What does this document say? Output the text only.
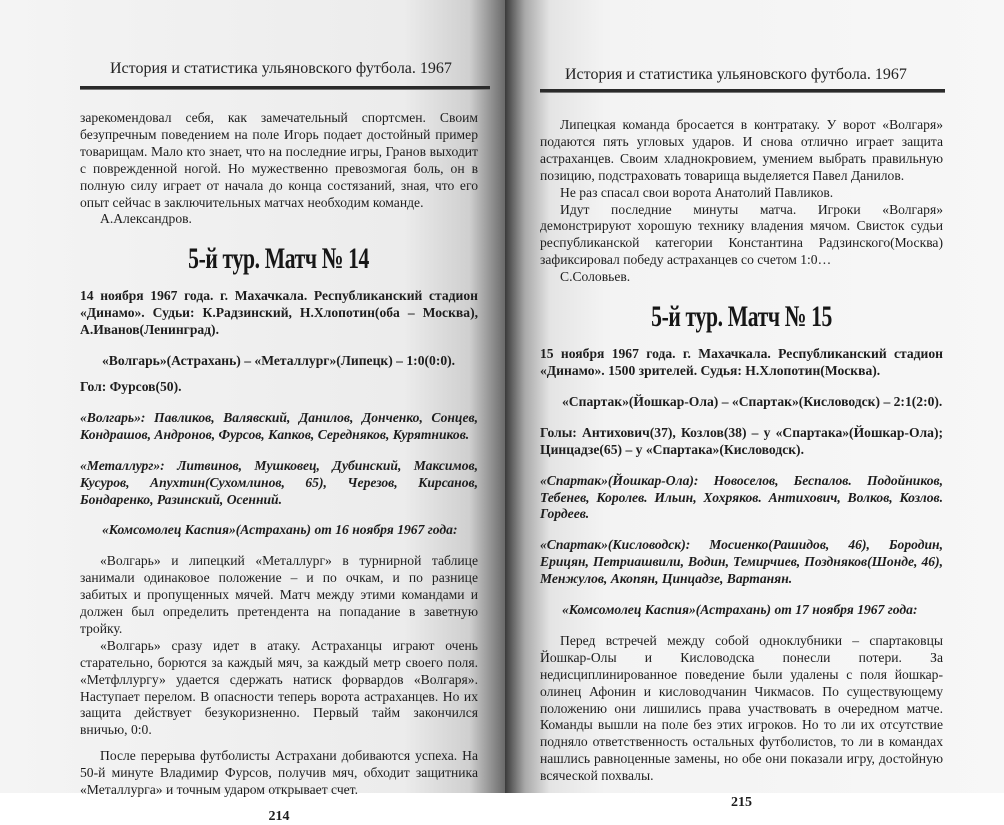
История и статистика ульяновского футбола. 1967

зарекомендовал себя, как замечательный спортсмен. Своим безупречным поведением на поле Игорь подает достойный пример товарищам. Мало кто знает, что на последние игры, Гранов выходит с поврежденной ногой. Но мужественно превозмогая боль, он в полную силу играет от начала до конца состязаний, зная, что его опыт сейчас в заключительных матчах необходим команде.

А.Александров.

5-й тур. Матч № 14

14 ноября 1967 года. г. Махачкала. Республиканский стадион «Динамо». Судьи: К.Радзинский, Н.Хлопотин(оба – Москва), А.Иванов(Ленинград).

«Волгарь»(Астрахань) – «Металлург»(Липецк) – 1:0(0:0).

Гол: Фурсов(50).

«Волгарь»: Павликов, Валявский, Данилов, Донченко, Сонцев, Кондрашов, Андронов, Фурсов, Капков, Середняков, Курятников.

«Металлург»: Литвинов, Мушковец, Дубинский, Максимов, Кусуров, Апухтин(Сухомлинов, 65), Черезов, Кирсанов, Бондаренко, Разинский, Осенний.

«Комсомолец Каспия»(Астрахань) от 16 ноября 1967 года:

«Волгарь» и липецкий «Металлург» в турнирной таблице занимали одинаковое положение – и по очкам, и по разнице забитых и пропущенных мячей. Матч между этими командами и должен был определить претендента на попадание в заветную тройку.

«Волгарь» сразу идет в атаку. Астраханцы играют очень старательно, борются за каждый мяч, за каждый метр своего поля. «Метфллургу» удается сдержать натиск форвардов «Волгаря». Наступает перелом. В опасности теперь ворота астраханцев. Но их защита действует безукоризненно. Первый тайм закончился вничью, 0:0.

После перерыва футболисты Астрахани добиваются успеха. На 50-й минуте Владимир Фурсов, получив мяч, обходит защитника «Металлурга» и точным ударом открывает счет.

214
История и статистика ульяновского футбола. 1967

Липецкая команда бросается в контратаку. У ворот «Волгаря» подаются пять угловых ударов. И снова отлично играет защита астраханцев. Своим хладнокровием, умением выбрать правильную позицию, подстраховать товарища выделяется Павел Данилов.

Не раз спасал свои ворота Анатолий Павликов.

Идут последние минуты матча. Игроки «Волгаря» демонстрируют хорошую технику владения мячом. Свисток судьи республиканской категории Константина Радзинского(Москва) зафиксировал победу астраханцев со счетом 1:0…

С.Соловьев.

5-й тур. Матч № 15

15 ноября 1967 года. г. Махачкала. Республиканский стадион «Динамо». 1500 зрителей. Судья: Н.Хлопотин(Москва).

«Спартак»(Йошкар-Ола) – «Спартак»(Кисловодск) – 2:1(2:0).

Голы: Антихович(37), Козлов(38) – у «Спартака»(Йошкар-Ола); Цинцадзе(65) – у «Спартака»(Кисловодск).

«Спартак»(Йошкар-Ола): Новоселов, Беспалов. Подойников, Тебенев, Королев. Ильин, Хохряков. Антихович, Волков, Козлов. Гордеев.

«Спартак»(Кисловодск): Мосиенко(Рашидов, 46), Бородин, Ерицян, Петриашвили, Водин, Темирчиев, Поздняков(Шонде, 46), Менжулов, Акопян, Цинцадзе, Вартанян.

«Комсомолец Каспия»(Астрахань) от 17 ноября 1967 года:

Перед встречей между собой одноклубники – спартаковцы Йошкар-Олы и Кисловодска понесли потери. За недисциплинированное поведение были удалены с поля йошкар-олинец Афонин и кисловодчанин Чикмасов. По существующему положению они лишились права участвовать в очередном матче. Команды вышли на поле без этих игроков. Но то ли их отсутствие подняло ответственность остальных футболистов, то ли в командах нашлись равноценные замены, но обе они показали игру, достойную всяческой похвалы.

215
